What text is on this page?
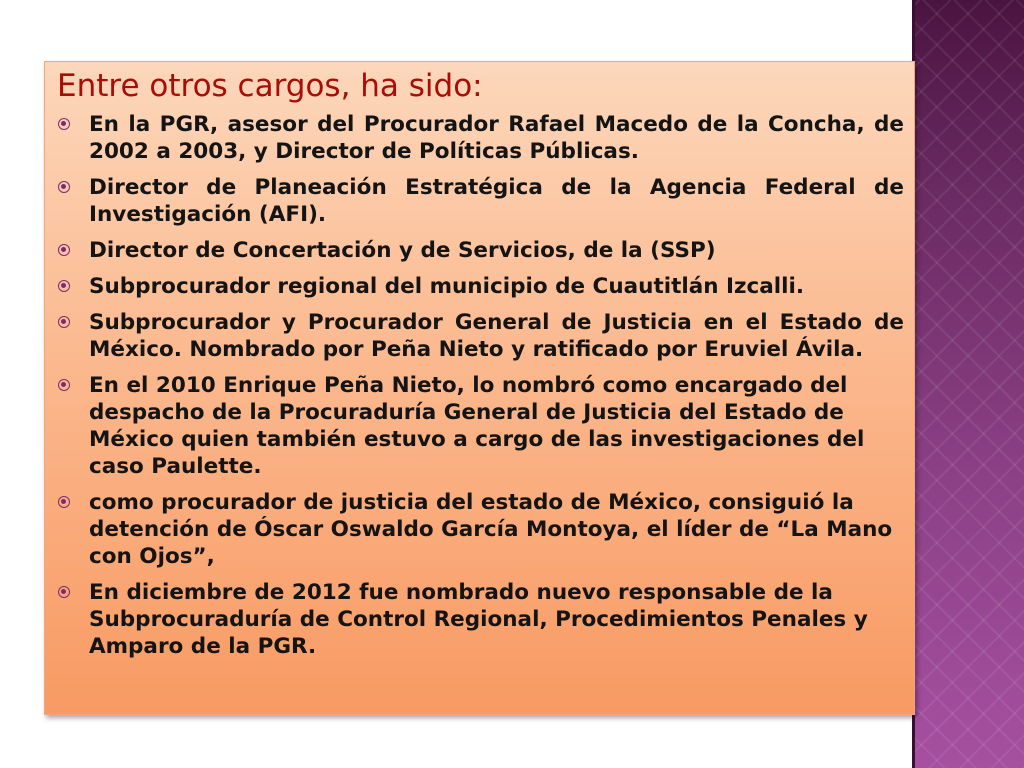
Entre otros cargos, ha sido:
En la PGR, asesor del Procurador Rafael Macedo de la Concha, de 2002 a 2003, y Director de Políticas Públicas.
Director de Planeación Estratégica de la Agencia Federal de Investigación (AFI).
Director de Concertación y de Servicios, de la (SSP)
Subprocurador regional del municipio de Cuautitlán Izcalli.
Subprocurador y Procurador General de Justicia en el Estado de México. Nombrado por Peña Nieto y ratificado por Eruviel Ávila.
En el 2010 Enrique Peña Nieto, lo nombró como encargado del despacho de la Procuraduría General de Justicia del Estado de México quien también estuvo a cargo de las investigaciones del caso Paulette.
como procurador de justicia del estado de México, consiguió la detención de Óscar Oswaldo García Montoya, el líder de “La Mano con Ojos”,
En diciembre de 2012 fue nombrado nuevo responsable de la Subprocuraduría de Control Regional, Procedimientos Penales y Amparo de la PGR.
